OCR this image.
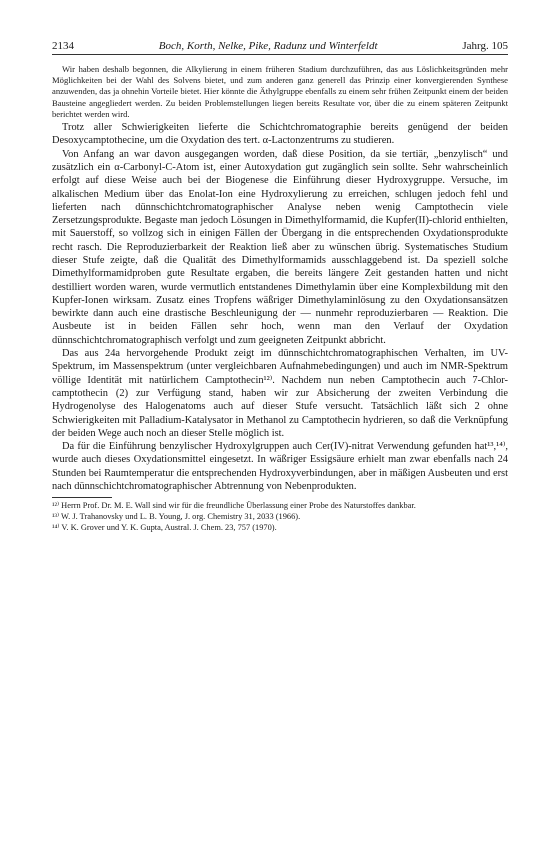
2134	Boch, Korth, Nelke, Pike, Radunz und Winterfeldt	Jahrg. 105

Wir haben deshalb begonnen, die Alkylierung in einem früheren Stadium durchzuführen, das aus Löslichkeitsgründen mehr Möglichkeiten bei der Wahl des Solvens bietet, und zum anderen ganz generell das Prinzip einer konvergierenden Synthese anzuwenden, das ja ohnehin Vorteile bietet. Hier könnte die Äthylgruppe ebenfalls zu einem sehr frühen Zeitpunkt einem der beiden Bausteine angegliedert werden. Zu beiden Problemstellungen liegen bereits Resultate vor, über die zu einem späteren Zeitpunkt berichtet werden wird.

Trotz aller Schwierigkeiten lieferte die Schichtchromatographie bereits genügend der beiden Desoxycamptothecine, um die Oxydation des tert. α-Lactonzentrums zu studieren.

Von Anfang an war davon ausgegangen worden, daß diese Position, da sie tertiär, „benzylisch“ und zusätzlich ein α-Carbonyl-C-Atom ist, einer Autoxydation gut zugänglich sein sollte. Sehr wahrscheinlich erfolgt auf diese Weise auch bei der Biogenese die Einführung dieser Hydroxygruppe. Versuche, im alkalischen Medium über das Enolat-Ion eine Hydroxylierung zu erreichen, schlugen jedoch fehl und lieferten nach dünnschichtchromatographischer Analyse neben wenig Camptothecin viele Zersetzungsprodukte. Begaste man jedoch Lösungen in Dimethylformamid, die Kupfer(II)-chlorid enthielten, mit Sauerstoff, so vollzog sich in einigen Fällen der Übergang in die entsprechenden Oxydationsprodukte recht rasch. Die Reproduzierbarkeit der Reaktion ließ aber zu wünschen übrig. Systematisches Studium dieser Stufe zeigte, daß die Qualität des Dimethylformamids ausschlaggebend ist. Da speziell solche Dimethylformamidproben gute Resultate ergaben, die bereits längere Zeit gestanden hatten und nicht destilliert worden waren, wurde vermutlich entstandenes Dimethylamin über eine Komplexbildung mit den Kupfer-Ionen wirksam. Zusatz eines Tropfens wäßriger Dimethylaminlösung zu den Oxydationsansätzen bewirkte dann auch eine drastische Beschleunigung der — nunmehr reproduzierbaren — Reaktion. Die Ausbeute ist in beiden Fällen sehr hoch, wenn man den Verlauf der Oxydation dünnschichtchromatographisch verfolgt und zum geeigneten Zeitpunkt abbricht.

Das aus 24a hervorgehende Produkt zeigt im dünnschichtchromatographischen Verhalten, im UV-Spektrum, im Massenspektrum (unter vergleichbaren Aufnahmebedingungen) und auch im NMR-Spektrum völlige Identität mit natürlichem Camptothecin¹²⁾. Nachdem nun neben Camptothecin auch 7-Chlor-camptothecin (2) zur Verfügung stand, haben wir zur Absicherung der zweiten Verbindung die Hydrogenolyse des Halogenatoms auch auf dieser Stufe versucht. Tatsächlich läßt sich 2 ohne Schwierigkeiten mit Palladium-Katalysator in Methanol zu Camptothecin hydrieren, so daß die Verknüpfung der beiden Wege auch noch an dieser Stelle möglich ist.

Da für die Einführung benzylischer Hydroxylgruppen auch Cer(IV)-nitrat Verwendung gefunden hat¹³,¹⁴⁾, wurde auch dieses Oxydationsmittel eingesetzt. In wäßriger Essigsäure erhielt man zwar ebenfalls nach 24 Stunden bei Raumtemperatur die entsprechenden Hydroxyverbindungen, aber in mäßigen Ausbeuten und erst nach dünnschichtchromatographischer Abtrennung von Nebenprodukten.

¹²⁾ Herrn Prof. Dr. M. E. Wall sind wir für die freundliche Überlassung einer Probe des Naturstoffes dankbar.

¹³⁾ W. J. Trahanovsky und L. B. Young, J. org. Chemistry 31, 2033 (1966).

¹⁴⁾ V. K. Grover und Y. K. Gupta, Austral. J. Chem. 23, 757 (1970).
